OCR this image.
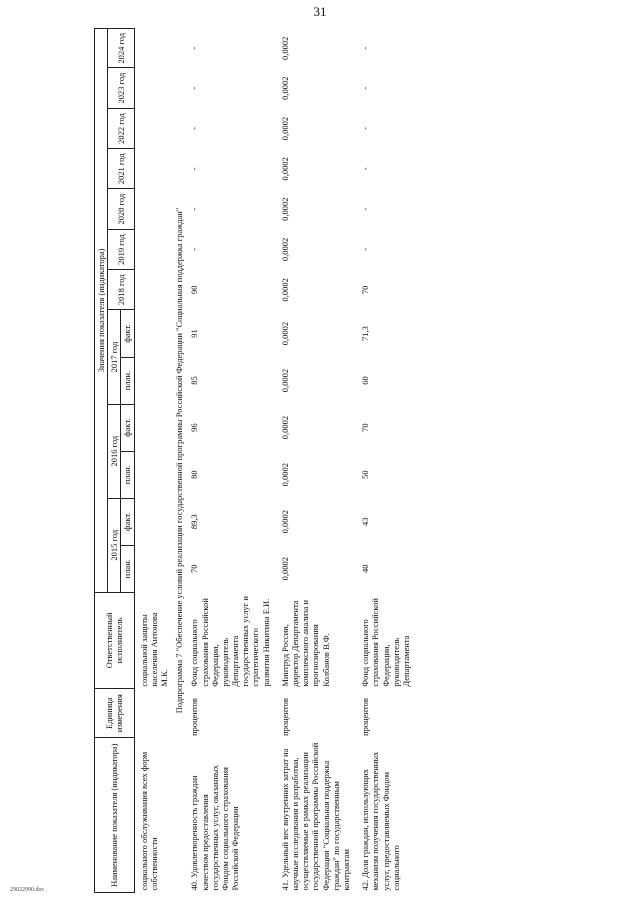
31
Наименование показателя (индикатора)	Единица измерения	Ответственный исполнитель	Значения показателя (индикатора)												
			2015 год		2016 год		2017 год		2018 год	2019 год	2020 год	2021 год	2022 год	2023 год	2024 год
			план.	факт.	план.	факт.	план.	факт.							
социального обслуживания всех форм собственности		социальной защиты населения Антонова М.К.													
Подпрограмма 7 "Обеспечение условий реализации государственной программы Российской Федерации "Социальная поддержка граждан"															
40. Удовлетворенность граждан качеством предоставления государственных услуг, оказанных Фондом социального страхования Российской Федерации	процентов	Фонд социального страхования Российской Федерации, руководитель Департамента государственных услуг и стратегического развития Никитина Е.И.	70	89,3	80	96	85	91	90	-	-	-	-	-	-
41. Удельный вес внутренних затрат на научные исследования и разработки, осуществляемые в рамках реализации государственной программы Российской Федерации "Социальная поддержка граждан" по государственным контрактам	процентов	Минтруд России, директор Департамента комплексного анализа и прогнозирования Колбанов В.Ф.	0,0002	0,0002	0,0002	0,0002	0,0002	0,0002	0,0002	0,0002	0,0002	0,0002	0,0002	0,0002	0,0002
42. Доля граждан, использующих механизм получения государственных услуг, предоставляемых Фондом социального	процентов	Фонд социального страхования Российской Федерации, руководитель Департамента	40	43	50	70	60	71,3	70	-	-	-	-	-	-
29022990.doc
